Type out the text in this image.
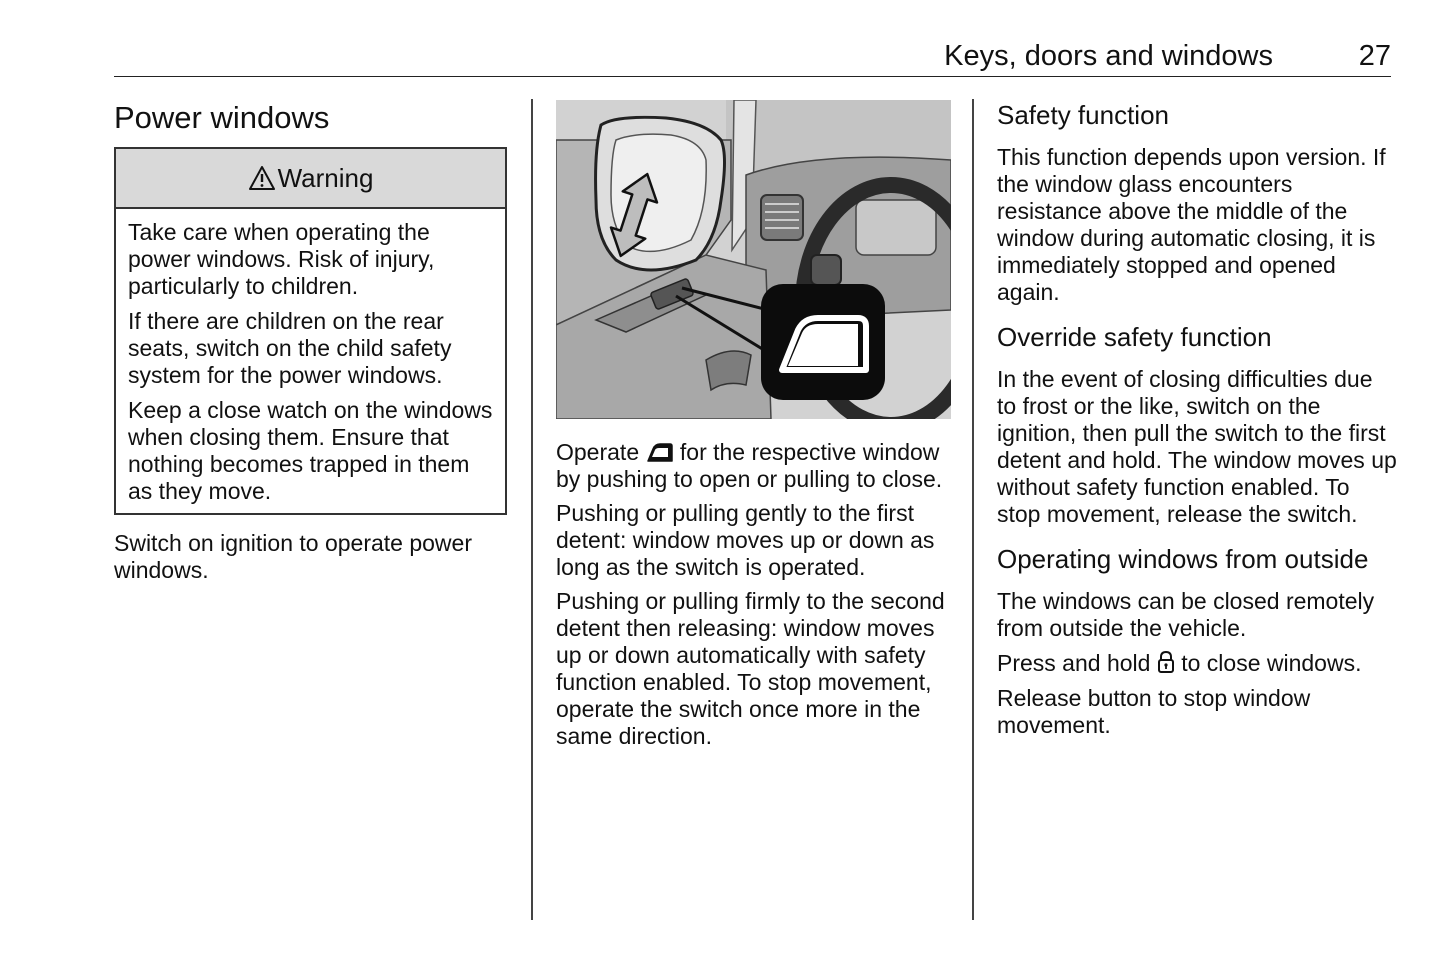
Keys, doors and windows	27
Power windows
Warning

Take care when operating the power windows. Risk of injury, particularly to children.

If there are children on the rear seats, switch on the child safety system for the power windows.

Keep a close watch on the windows when closing them. Ensure that nothing becomes trapped in them as they move.

Switch on ignition to operate power windows.

Operate for the respective window by pushing to open or pulling to close.

Pushing or pulling gently to the first detent: window moves up or down as long as the switch is operated.

Pushing or pulling firmly to the second detent then releasing: window moves up or down automatically with safety function enabled. To stop movement, operate the switch once more in the same direction.

Safety function

This function depends upon version. If the window glass encounters resistance above the middle of the window during automatic closing, it is immediately stopped and opened again.

Override safety function

In the event of closing difficulties due to frost or the like, switch on the ignition, then pull the switch to the first detent and hold. The window moves up without safety function enabled. To stop movement, release the switch.

Operating windows from outside

The windows can be closed remotely from outside the vehicle.

Press and hold to close windows.

Release button to stop window movement.
